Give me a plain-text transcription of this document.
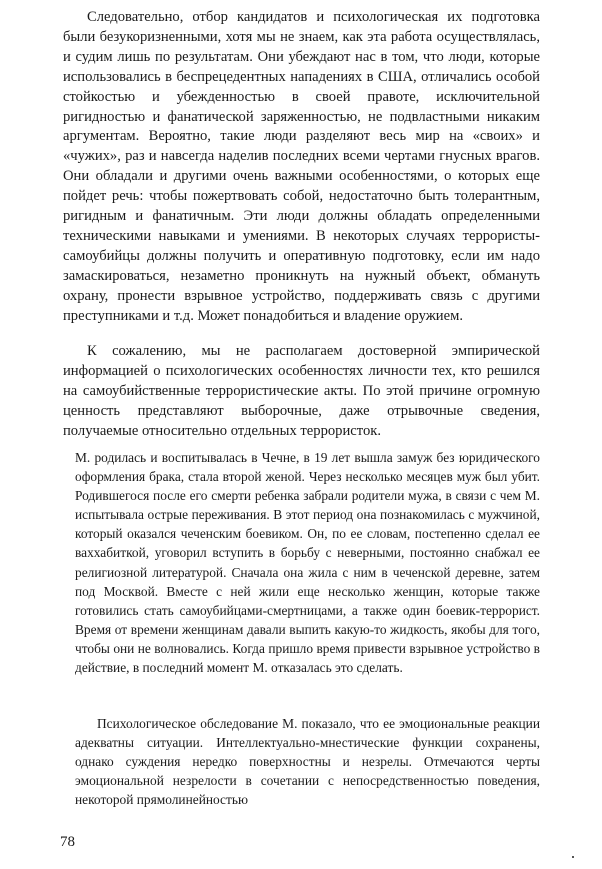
Следовательно, отбор кандидатов и психологическая их подготовка были безукоризненными, хотя мы не знаем, как эта работа осуществлялась, и судим лишь по результатам. Они убеждают нас в том, что люди, которые использовались в беспрецедентных нападениях в США, отличались особой стойкостью и убежденностью в своей правоте, исключительной ригидностью и фанатической заряженностью, не подвластными никаким аргументам. Вероятно, такие люди разделяют весь мир на «своих» и «чужих», раз и навсегда наделив последних всеми чертами гнусных врагов. Они обладали и другими очень важными особенностями, о которых еще пойдет речь: чтобы пожертвовать собой, недостаточно быть толерантным, ригидным и фанатичным. Эти люди должны обладать определенными техническими навыками и умениями. В некоторых случаях террористы-самоубийцы должны получить и оперативную подготовку, если им надо замаскироваться, незаметно проникнуть на нужный объект, обмануть охрану, пронести взрывное устройство, поддерживать связь с другими преступниками и т.д. Может понадобиться и владение оружием.

К сожалению, мы не располагаем достоверной эмпирической информацией о психологических особенностях личности тех, кто решился на самоубийственные террористические акты. По этой причине огромную ценность представляют выборочные, даже отрывочные сведения, получаемые относительно отдельных террористок.

М. родилась и воспитывалась в Чечне, в 19 лет вышла замуж без юридического оформления брака, стала второй женой. Через несколько месяцев муж был убит. Родившегося после его смерти ребенка забрали родители мужа, в связи с чем М. испытывала острые переживания. В этот период она познакомилась с мужчиной, который оказался чеченским боевиком. Он, по ее словам, постепенно сделал ее ваххабиткой, уговорил вступить в борьбу с неверными, постоянно снабжал ее религиозной литературой. Сначала она жила с ним в чеченской деревне, затем под Москвой. Вместе с ней жили еще несколько женщин, которые также готовились стать самоубийцами-смертницами, а также один боевик-террорист. Время от времени женщинам давали выпить какую-то жидкость, якобы для того, чтобы они не волновались. Когда пришло время привести взрывное устройство в действие, в последний момент М. отказалась это сделать.

Психологическое обследование М. показало, что ее эмоциональные реакции адекватны ситуации. Интеллектуально-мнестические функции сохранены, однако суждения нередко поверхностны и незрелы. Отмечаются черты эмоциональной незрелости в сочетании с непосредственностью поведения, некоторой прямолинейностью

78
